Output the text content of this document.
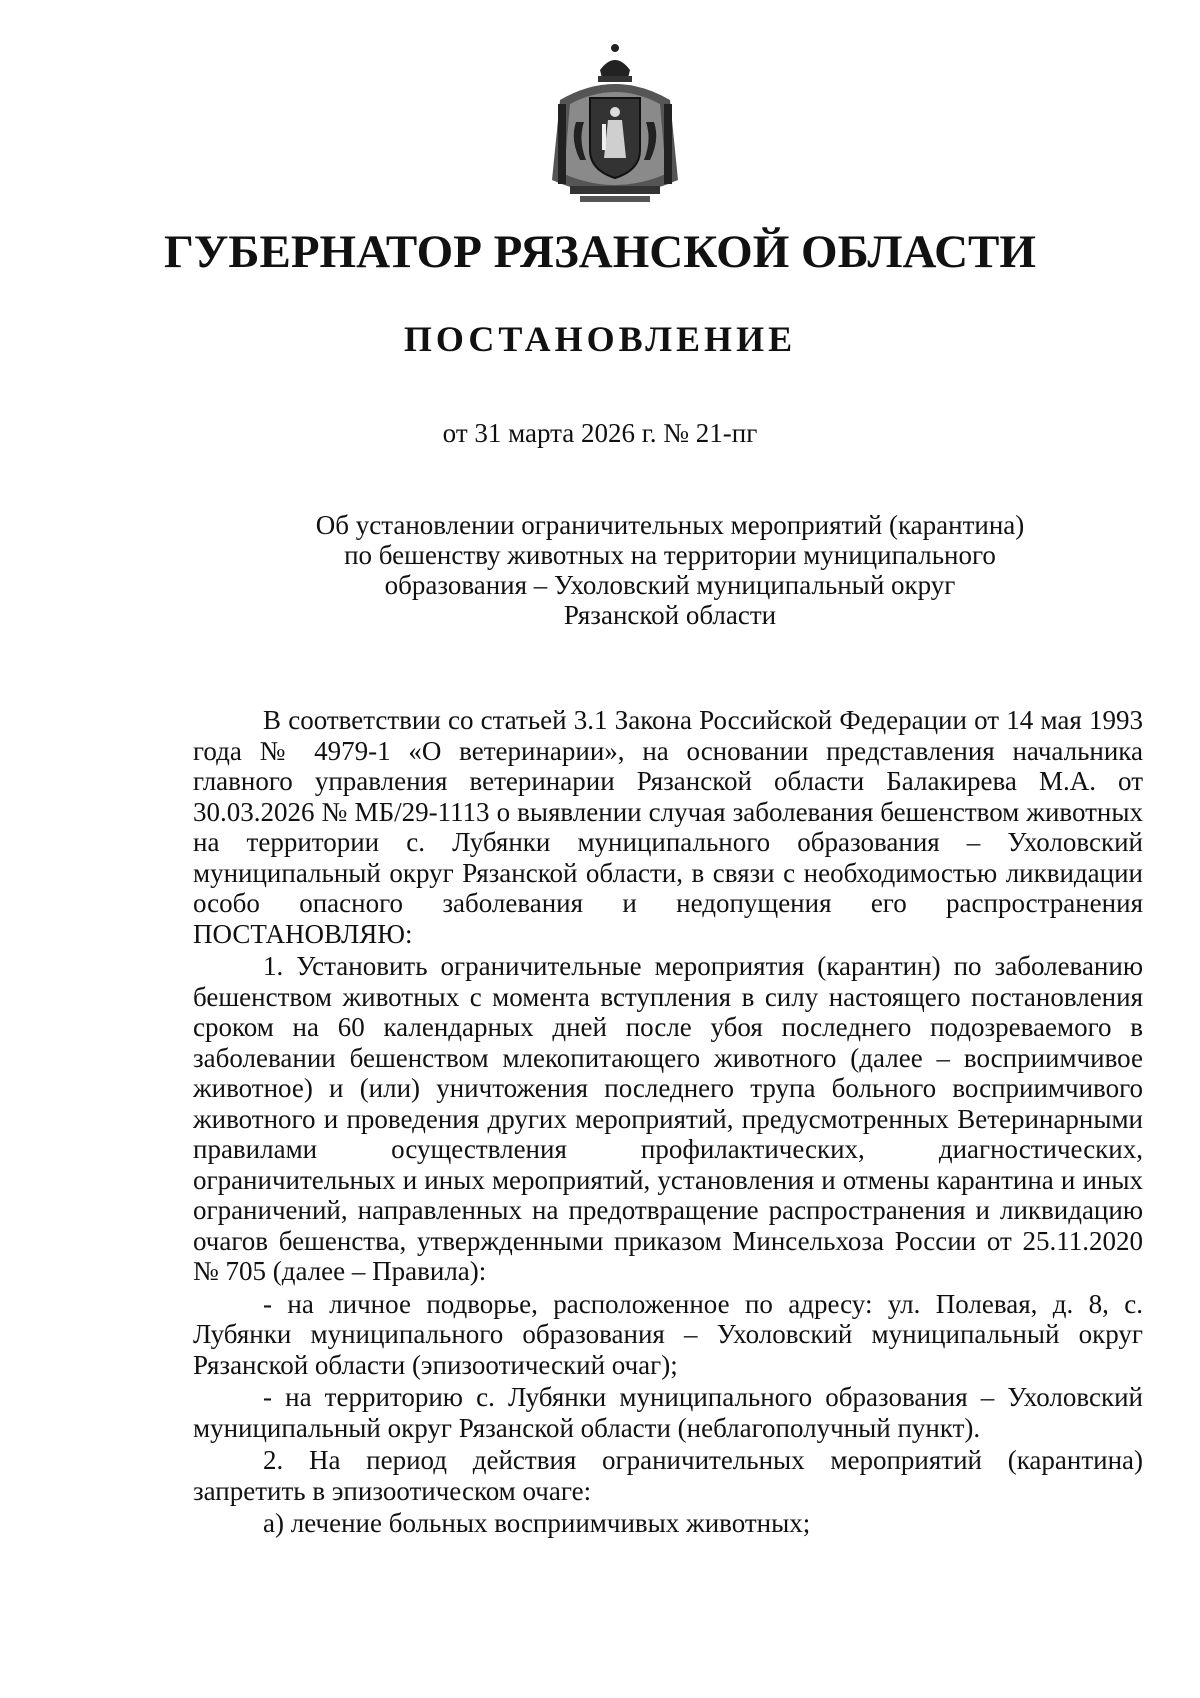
ГУБЕРНАТОР РЯЗАНСКОЙ ОБЛАСТИ
ПОСТАНОВЛЕНИЕ
от 31 марта 2026 г. № 21-пг
Об установлении ограничительных мероприятий (карантина)
по бешенству животных на территории муниципального
образования – Ухоловский муниципальный округ
Рязанской области

В соответствии со статьей 3.1 Закона Российской Федерации от 14 мая 1993 года № 4979-1 «О ветеринарии», на основании представления начальника главного управления ветеринарии Рязанской области Балакирева М.А. от 30.03.2026 № МБ/29-1113 о выявлении случая заболевания бешенством животных на территории с. Лубянки муниципального образования – Ухоловский муниципальный округ Рязанской области, в связи с необходимостью ликвидации особо опасного заболевания и недопущения его распространения ПОСТАНОВЛЯЮ:

1. Установить ограничительные мероприятия (карантин) по заболеванию бешенством животных с момента вступления в силу настоящего постановления сроком на 60 календарных дней после убоя последнего подозреваемого в заболевании бешенством млекопитающего животного (далее – восприимчивое животное) и (или) уничтожения последнего трупа больного восприимчивого животного и проведения других мероприятий, предусмотренных Ветеринарными правилами осуществления профилактических, диагностических, ограничительных и иных мероприятий, установления и отмены карантина и иных ограничений, направленных на предотвращение распространения и ликвидацию очагов бешенства, утвержденными приказом Минсельхоза России от 25.11.2020 № 705 (далее – Правила):

- на личное подворье, расположенное по адресу: ул. Полевая, д. 8, с. Лубянки муниципального образования – Ухоловский муниципальный округ Рязанской области (эпизоотический очаг);

- на территорию с. Лубянки муниципального образования – Ухоловский муниципальный округ Рязанской области (неблагополучный пункт).

2. На период действия ограничительных мероприятий (карантина) запретить в эпизоотическом очаге:

а) лечение больных восприимчивых животных;
